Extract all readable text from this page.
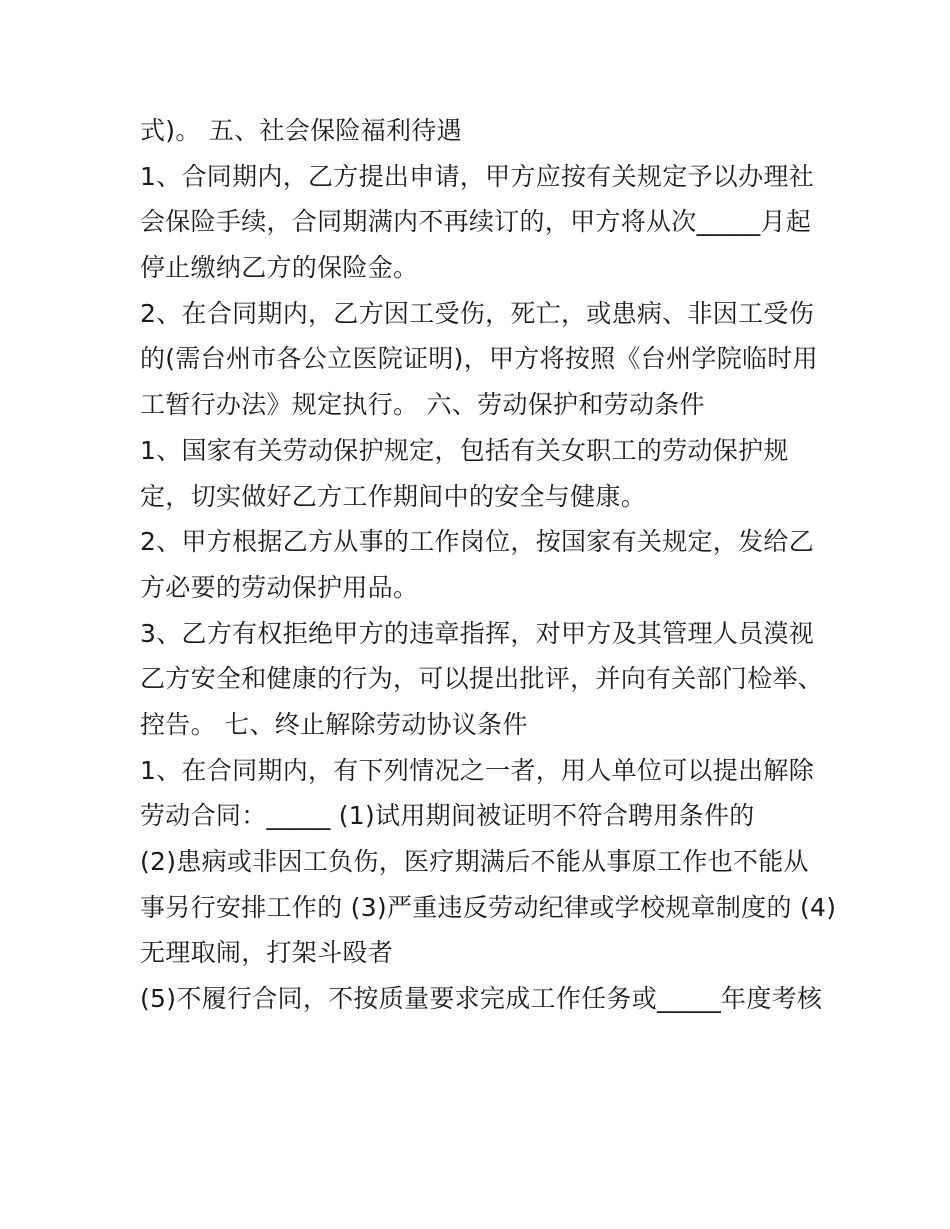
式)。 五、社会保险福利待遇
1、合同期内，乙方提出申请，甲方应按有关规定予以办理社
会保险手续，合同期满内不再续订的，甲方将从次_____月起
停止缴纳乙方的保险金。
2、在合同期内，乙方因工受伤，死亡，或患病、非因工受伤
的(需台州市各公立医院证明)，甲方将按照《台州学院临时用
工暂行办法》规定执行。 六、劳动保护和劳动条件
1、国家有关劳动保护规定，包括有关女职工的劳动保护规
定，切实做好乙方工作期间中的安全与健康。
2、甲方根据乙方从事的工作岗位，按国家有关规定，发给乙
方必要的劳动保护用品。
3、乙方有权拒绝甲方的违章指挥，对甲方及其管理人员漠视
乙方安全和健康的行为，可以提出批评，并向有关部门检举、
控告。 七、终止解除劳动协议条件
1、在合同期内，有下列情况之一者，用人单位可以提出解除
劳动合同：_____ (1)试用期间被证明不符合聘用条件的
(2)患病或非因工负伤，医疗期满后不能从事原工作也不能从
事另行安排工作的 (3)严重违反劳动纪律或学校规章制度的 (4)
无理取闹，打架斗殴者
(5)不履行合同，不按质量要求完成工作任务或_____年度考核
